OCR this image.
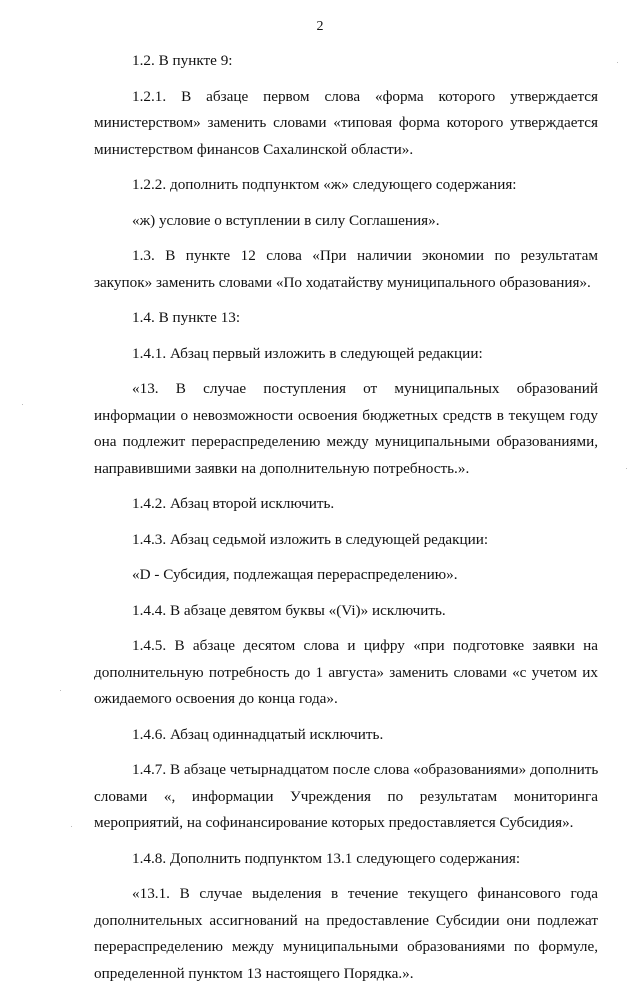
2
1.2. В пункте 9:
1.2.1. В абзаце первом слова «форма которого утверждается
министерством» заменить словами «типовая форма которого утверждается
министерством финансов Сахалинской области».
1.2.2. дополнить подпунктом «ж» следующего содержания:
«ж) условие о вступлении в силу Соглашения».
1.3. В пункте 12 слова «При наличии экономии по результатам
закупок» заменить словами «По ходатайству муниципального образования».
1.4. В пункте 13:
1.4.1. Абзац первый изложить в следующей редакции:
«13. В случае поступления от муниципальных образований
информации о невозможности освоения бюджетных средств в текущем году
она подлежит перераспределению между муниципальными образованиями,
направившими заявки на дополнительную потребность.».
1.4.2. Абзац второй исключить.
1.4.3. Абзац седьмой изложить в следующей редакции:
«D - Субсидия, подлежащая перераспределению».
1.4.4. В абзаце девятом буквы «(Vi)» исключить.
1.4.5. В абзаце десятом слова и цифру «при подготовке заявки на
дополнительную потребность до 1 августа» заменить словами «с учетом их
ожидаемого освоения до конца года».
1.4.6. Абзац одиннадцатый исключить.
1.4.7. В абзаце четырнадцатом после слова «образованиями» дополнить
словами «, информации Учреждения по результатам мониторинга
мероприятий, на софинансирование которых предоставляется Субсидия».
1.4.8. Дополнить подпунктом 13.1 следующего содержания:
«13.1. В случае выделения в течение текущего финансового года
дополнительных ассигнований на предоставление Субсидии они подлежат
перераспределению между муниципальными образованиями по формуле,
определенной пунктом 13 настоящего Порядка.».
